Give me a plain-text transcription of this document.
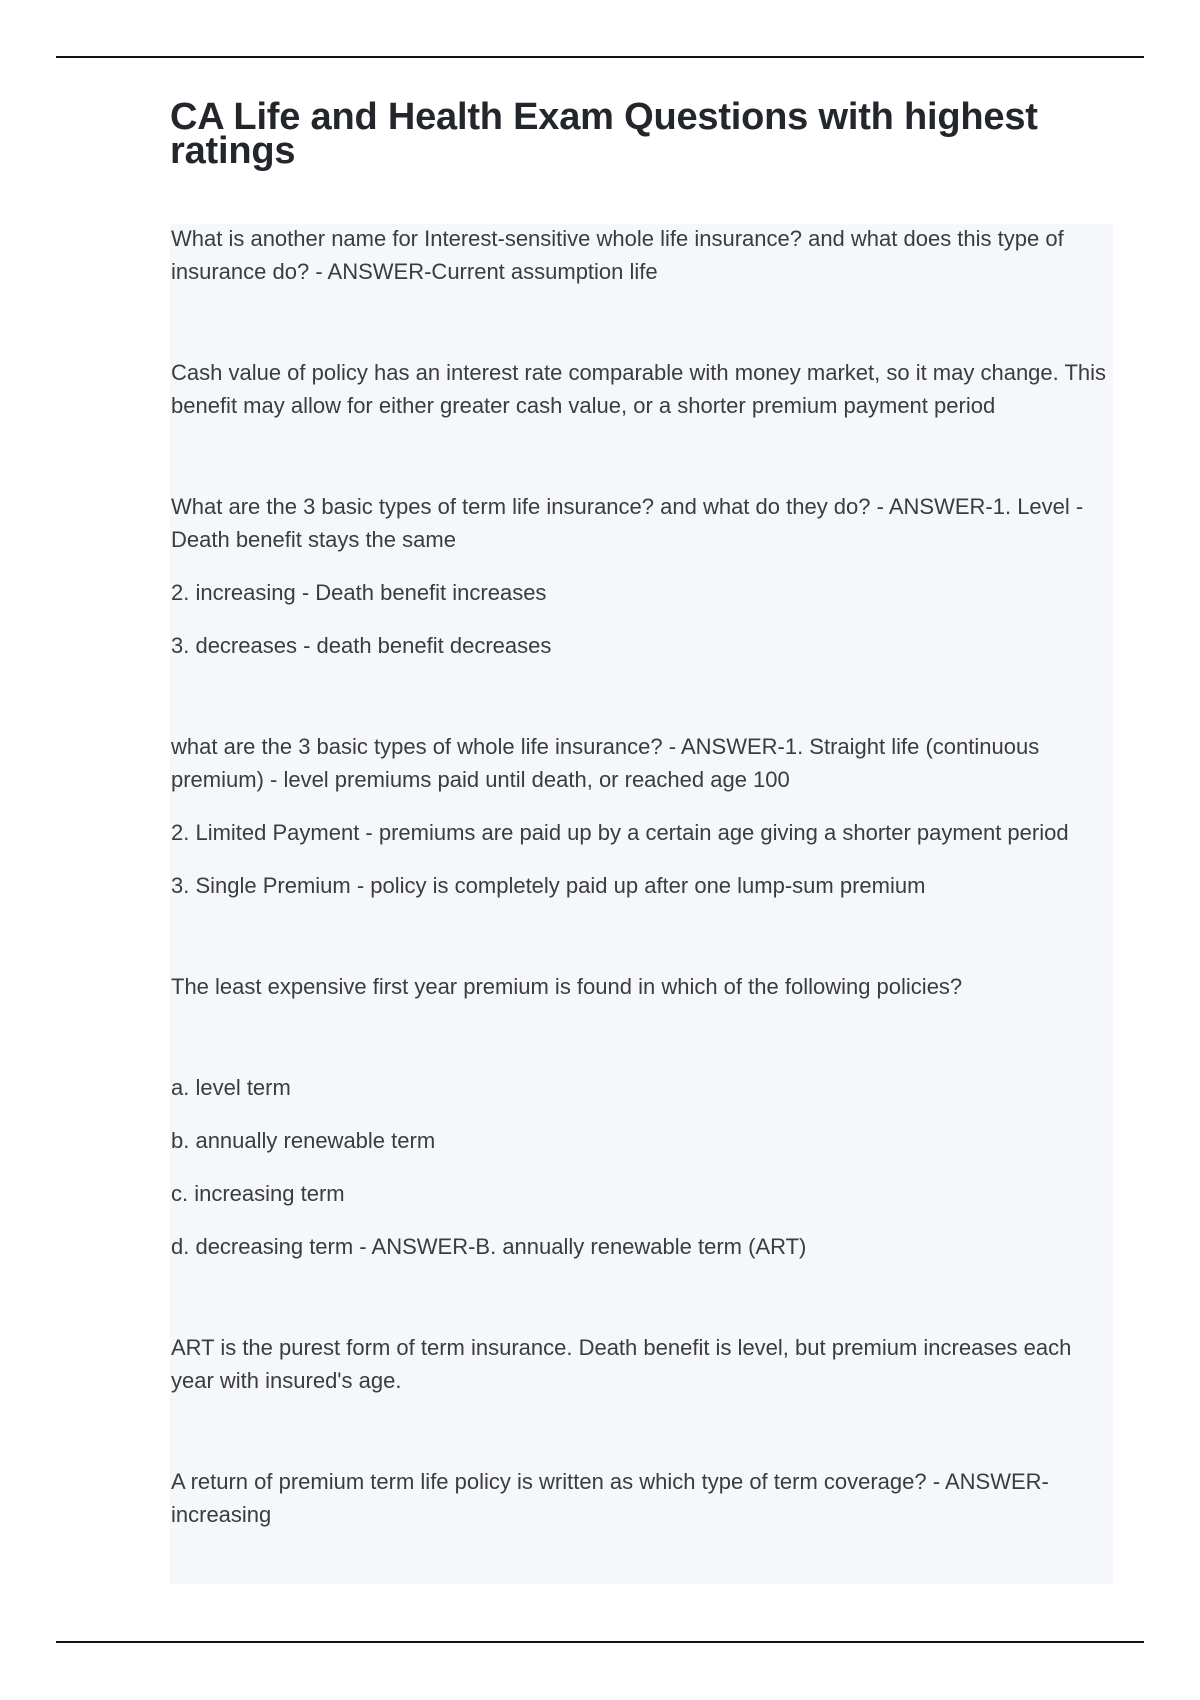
CA Life and Health Exam Questions with highest ratings

What is another name for Interest-sensitive whole life insurance? and what does this type of insurance do? - ANSWER-Current assumption life

Cash value of policy has an interest rate comparable with money market, so it may change. This benefit may allow for either greater cash value, or a shorter premium payment period

What are the 3 basic types of term life insurance? and what do they do? - ANSWER-1. Level - Death benefit stays the same

2. increasing - Death benefit increases

3. decreases - death benefit decreases

what are the 3 basic types of whole life insurance? - ANSWER-1. Straight life (continuous premium) - level premiums paid until death, or reached age 100

2. Limited Payment - premiums are paid up by a certain age giving a shorter payment period

3. Single Premium - policy is completely paid up after one lump-sum premium

The least expensive first year premium is found in which of the following policies?

a. level term

b. annually renewable term

c. increasing term

d. decreasing term - ANSWER-B. annually renewable term (ART)

ART is the purest form of term insurance. Death benefit is level, but premium increases each year with insured's age.

A return of premium term life policy is written as which type of term coverage? - ANSWER-increasing
